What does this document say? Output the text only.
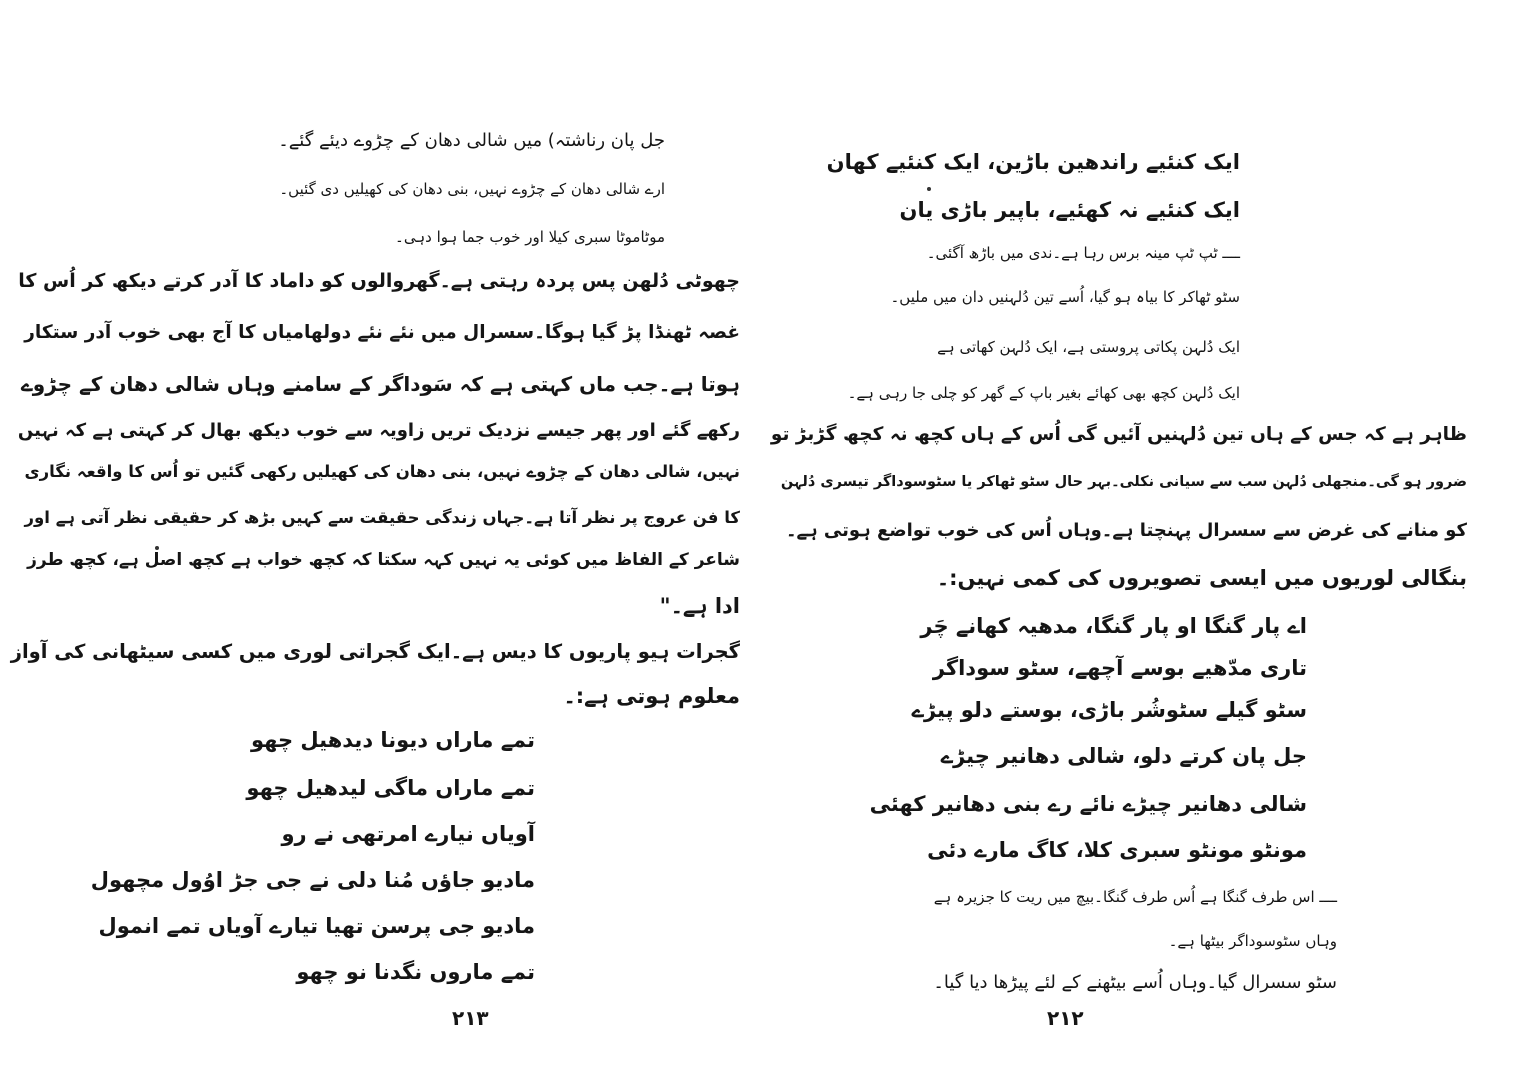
جل پان رناشتہ) میں شالی دھان کے چڑوے دیئے گئے۔
ارے شالی دھان کے چڑوے نہیں، بنی دھان کی کھیلیں دی گئیں۔
موٹاموٹا سبری کیلا اور خوب جما ہوا دہی۔
چھوٹی دُلھن پس پردہ رہتی ہے۔گھروالوں کو داماد کا آدر کرتے دیکھ کر اُس کا
غصہ ٹھنڈا پڑ گیا ہوگا۔سسرال میں نئے نئے دولھامیاں کا آج بھی خوب آدر ستکار
ہوتا ہے۔جب ماں کہتی ہے کہ سَوداگر کے سامنے وہاں شالی دھان کے چڑوے
رکھے گئے اور پھر جیسے نزدیک تریں زاویہ سے خوب دیکھ بھال کر کہتی ہے کہ نہیں
نہیں، شالی دھان کے چڑوے نہیں، بنی دھان کی کھیلیں رکھی گئیں تو اُس کا واقعہ نگاری
کا فن عروج پر نظر آتا ہے۔جہاں زندگی حقیقت سے کہیں بڑھ کر حقیقی نظر آتی ہے اور
شاعر کے الفاظ میں کوئی یہ نہیں کہہ سکتا کہ کچھ خواب ہے کچھ اصل ہے، کچھ طرز
ادا ہے۔"
گجرات ہیو پاریوں کا دیس ہے۔ایک گجراتی لوری میں کسی سیٹھانی کی آواز
معلوم ہوتی ہے:۔
تمے ماراں دیونا دیدھیل چھو
تمے ماراں ماگی لیدھیل چھو
آویاں نیارے امرتھی نے رو
مادیو جاؤں مُنا دلی نے جی جڑ اوُول مچھول
مادیو جی پرسن تھیا تیارے آویاں تمے انمول
تمے ماروں نگدنا نو چھو
۲۱۳
ایک کنئیے راندھین باڑین، ایک کنئیے کھان
ایک کنئیے نہ کھئیے، باپیر باڑی یان
ــــ ٹپ ٹپ مینہ برس رہا ہے۔ندی میں باڑھ آگئی۔
سٹو ٹھاکر کا بیاہ ہو گیا، اُسے تین دُلہنیں دان میں ملیں۔
ایک دُلہن پکاتی پروستی ہے، ایک دُلہن کھاتی ہے
ایک دُلہن کچھ بھی کھائے بغیر باپ کے گھر کو چلی جا رہی ہے۔
ظاہر ہے کہ جس کے ہاں تین دُلہنیں آئیں گی اُس کے ہاں کچھ نہ کچھ گڑبڑ تو
ضرور ہو گی۔منجھلی دُلہن سب سے سیانی نکلی۔بہر حال سٹو ٹھاکر یا سٹوسوداگر تیسری دُلہن
کو منانے کی غرض سے سسرال پہنچتا ہے۔وہاں اُس کی خوب تواضع ہوتی ہے۔
بنگالی لوریوں میں ایسی تصویروں کی کمی نہیں:۔
اے پار گنگا او پار گنگا، مدھیہ کھانے چَر
تاری مدّھیے بوسے آچھے، سٹو سوداگر
سٹو گیلے سٹوشُر باڑی، بوستے دلو پیڑے
جل پان کرتے دلو، شالی دھانیر چیڑے
شالی دھانیر چیڑے نائے رے بنی دھانیر کھئی
مونٹو مونٹو سبری کلا، کاگ مارے دئی
ــــ اس طرف گنگا ہے اُس طرف گنگا۔بیچ میں ریت کا جزیرہ ہے
وہاں سٹوسوداگر بیٹھا ہے۔
سٹو سسرال گیا۔وہاں اُسے بیٹھنے کے لئے پیڑھا دیا گیا۔
۲۱۲
